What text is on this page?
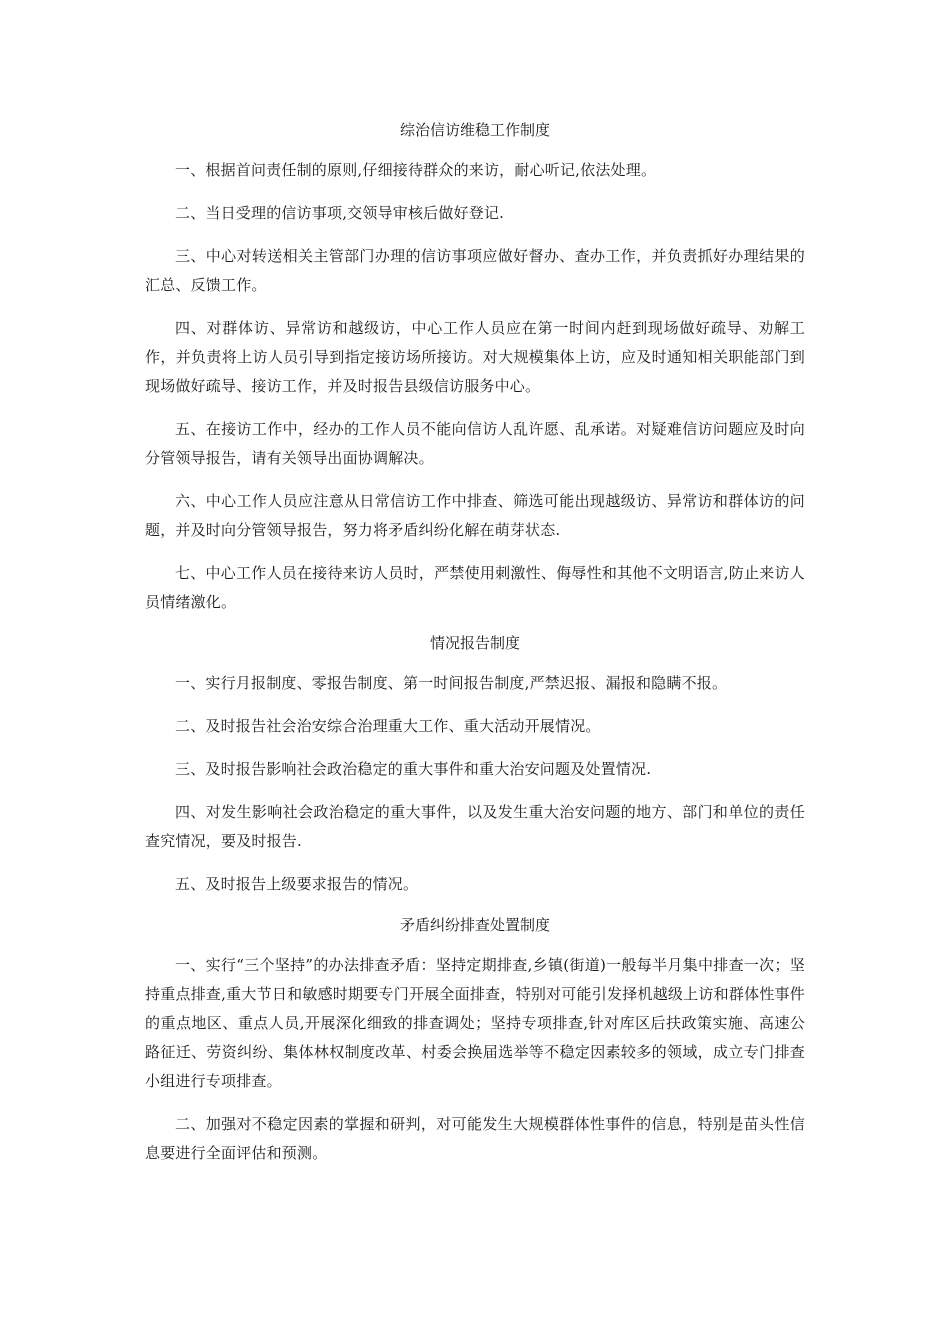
综治信访维稳工作制度

一、根据首问责任制的原则,仔细接待群众的来访，耐心听记,依法处理。

二、当日受理的信访事项,交领导审核后做好登记.

三、中心对转送相关主管部门办理的信访事项应做好督办、查办工作，并负责抓好办理结果的汇总、反馈工作。

四、对群体访、异常访和越级访，中心工作人员应在第一时间内赶到现场做好疏导、劝解工作，并负责将上访人员引导到指定接访场所接访。对大规模集体上访，应及时通知相关职能部门到现场做好疏导、接访工作，并及时报告县级信访服务中心。

五、在接访工作中，经办的工作人员不能向信访人乱许愿、乱承诺。对疑难信访问题应及时向分管领导报告，请有关领导出面协调解决。

六、中心工作人员应注意从日常信访工作中排查、筛选可能出现越级访、异常访和群体访的问题，并及时向分管领导报告，努力将矛盾纠纷化解在萌芽状态.

七、中心工作人员在接待来访人员时，严禁使用刺激性、侮辱性和其他不文明语言,防止来访人员情绪激化。

情况报告制度

一、实行月报制度、零报告制度、第一时间报告制度,严禁迟报、漏报和隐瞒不报。

二、及时报告社会治安综合治理重大工作、重大活动开展情况。

三、及时报告影响社会政治稳定的重大事件和重大治安问题及处置情况.

四、对发生影响社会政治稳定的重大事件，以及发生重大治安问题的地方、部门和单位的责任查究情况，要及时报告.

五、及时报告上级要求报告的情况。

矛盾纠纷排查处置制度

一、实行“三个坚持”的办法排查矛盾：坚持定期排查,乡镇(街道)一般每半月集中排查一次；坚持重点排查,重大节日和敏感时期要专门开展全面排查，特别对可能引发择机越级上访和群体性事件的重点地区、重点人员,开展深化细致的排查调处；坚持专项排查,针对库区后扶政策实施、高速公路征迁、劳资纠纷、集体林权制度改革、村委会换届选举等不稳定因素较多的领域，成立专门排查小组进行专项排查。

二、加强对不稳定因素的掌握和研判，对可能发生大规模群体性事件的信息，特别是苗头性信息要进行全面评估和预测。
